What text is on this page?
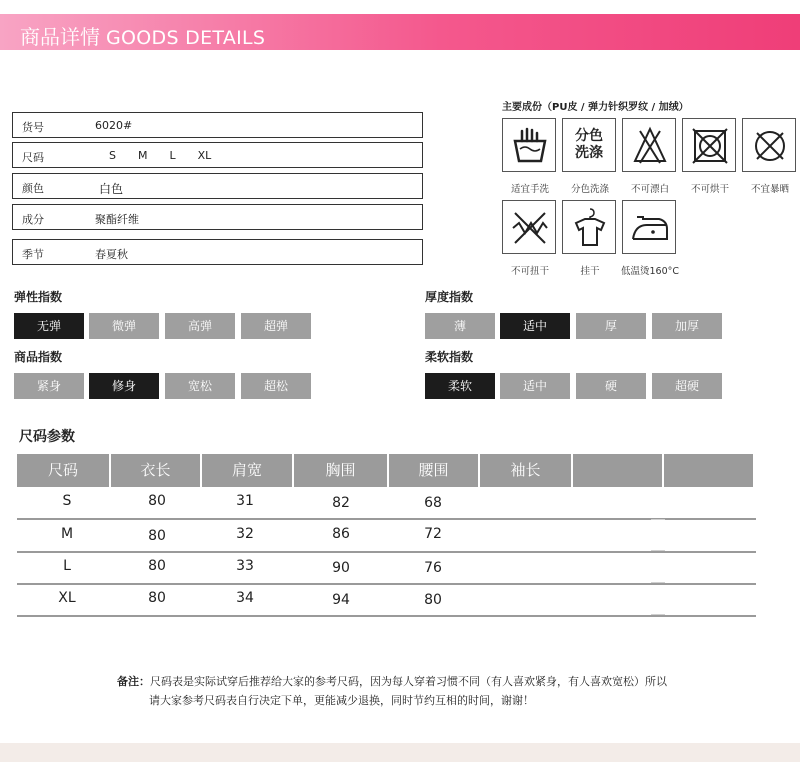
商品详情 GOODS DETAILS
货号	6020#
尺码	S M L XL
颜色	白色
成分	聚酯纤维
季节	春夏秋
主要成份（PU皮 / 弹力针织罗纹 / 加绒）
适宜手洗
分色
洗涤
分色洗涤	不可漂白	不可烘干	不宜暴晒
不可扭干	挂干	低温烫160°C
弹性指数
无弹	微弹	高弹	超弹
厚度指数
薄	适中	厚	加厚
商品指数
紧身	修身	宽松	超松
柔软指数
柔软	适中	硬	超硬
尺码参数
尺码	衣长	肩宽	胸围	腰围	袖长
S	80	31	82	68
M	80	32	86	72
L	80	33	90	76
XL	80	34	94	80
备注：尺码表是实际试穿后推荐给大家的参考尺码，因为每人穿着习惯不同（有人喜欢紧身，有人喜欢宽松）所以
请大家参考尺码表自行决定下单，更能减少退换，同时节约互相的时间，谢谢！
